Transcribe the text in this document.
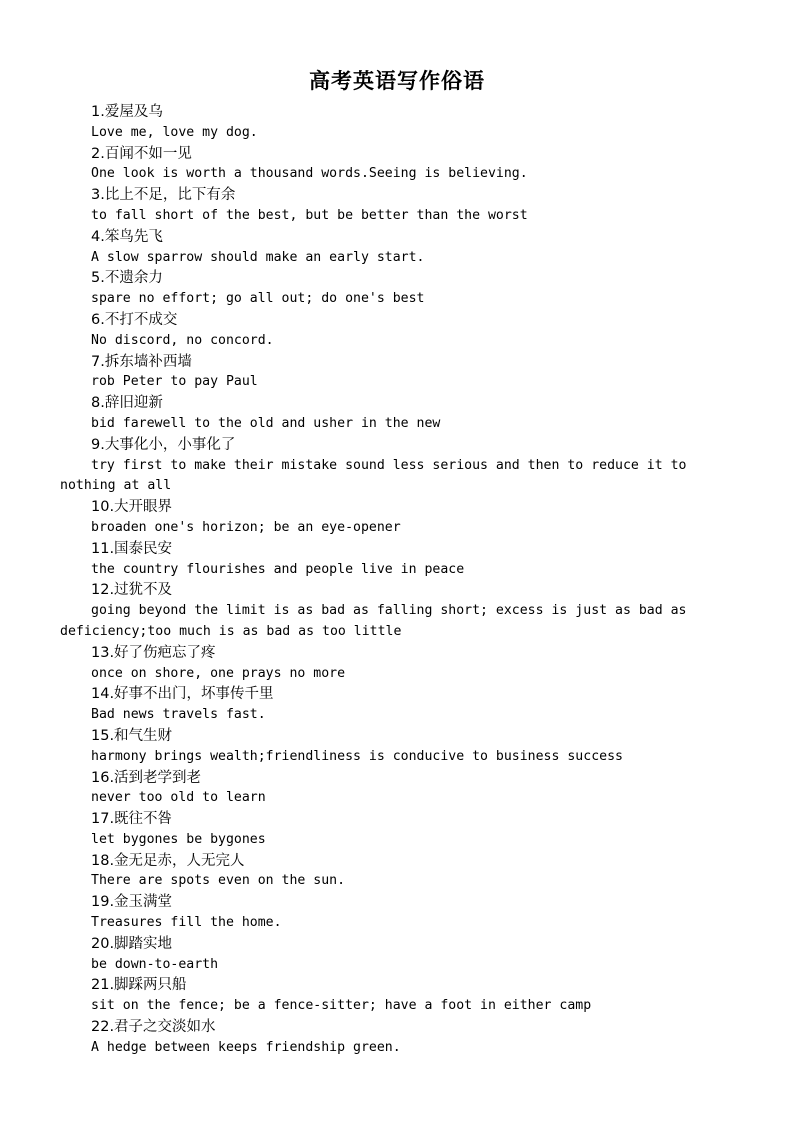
高考英语写作俗语

1.爱屋及乌

Love me, love my dog.

2.百闻不如一见

One look is worth a thousand words.Seeing is believing.

3.比上不足，比下有余

to fall short of the best, but be better than the worst

4.笨鸟先飞

A slow sparrow should make an early start.

5.不遗余力

spare no effort; go all out; do one's best

6.不打不成交

No discord, no concord.

7.拆东墙补西墙

rob Peter to pay Paul

8.辞旧迎新

bid farewell to the old and usher in the new

9.大事化小，小事化了

try first to make their mistake sound less serious and then to reduce it to nothing at all

10.大开眼界

broaden one's horizon; be an eye-opener

11.国泰民安

the country flourishes and people live in peace

12.过犹不及

going beyond the limit is as bad as falling short; excess is just as bad as deficiency;too much is as bad as too little

13.好了伤疤忘了疼

once on shore, one prays no more

14.好事不出门，坏事传千里

Bad news travels fast.

15.和气生财

harmony brings wealth;friendliness is conducive to business success

16.活到老学到老

never too old to learn

17.既往不咎

let bygones be bygones

18.金无足赤，人无完人

There are spots even on the sun.

19.金玉满堂

Treasures fill the home.

20.脚踏实地

be down-to-earth

21.脚踩两只船

sit on the fence; be a fence-sitter; have a foot in either camp

22.君子之交淡如水

A hedge between keeps friendship green.
